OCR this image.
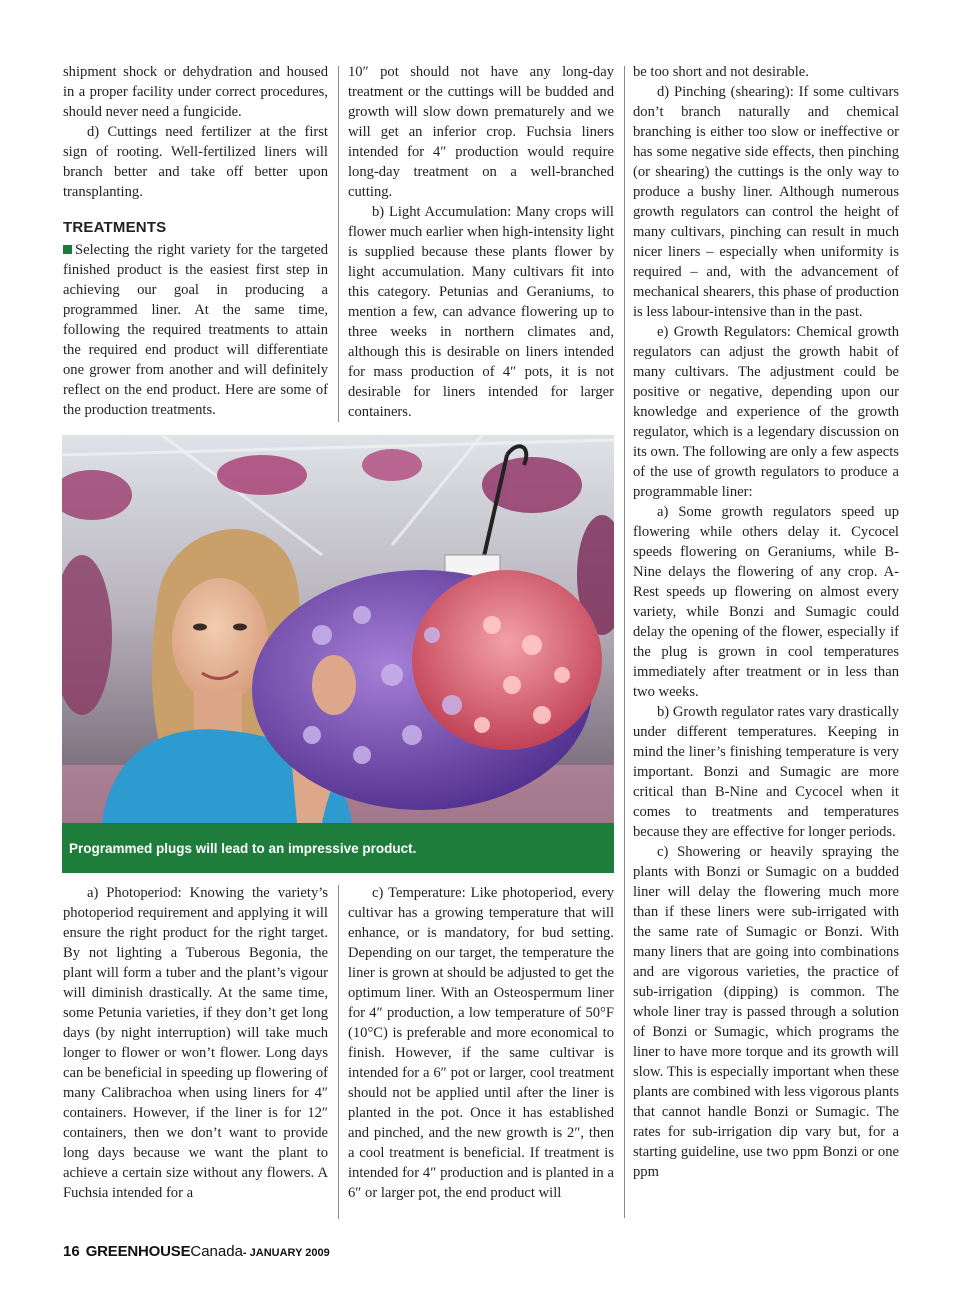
shipment shock or dehydration and housed in a proper facility under correct procedures, should never need a fungicide.

d) Cuttings need fertilizer at the first sign of rooting. Well-fertilized liners will branch better and take off better upon transplanting.

TREATMENTS

Selecting the right variety for the targeted finished product is the easiest first step in achieving our goal in producing a programmed liner. At the same time, following the required treatments to attain the required end product will differentiate one grower from another and will definitely reflect on the end product. Here are some of the production treatments.

10″ pot should not have any long-day treatment or the cuttings will be budded and growth will slow down prematurely and we will get an inferior crop. Fuchsia liners intended for 4″ production would require long-day treatment on a well-branched cutting.

b) Light Accumulation: Many crops will flower much earlier when high-intensity light is supplied because these plants flower by light accumulation. Many cultivars fit into this category. Petunias and Geraniums, to mention a few, can advance flowering up to three weeks in northern climates and, although this is desirable on liners intended for mass production of 4″ pots, it is not desirable for liners intended for larger containers.

be too short and not desirable.

d) Pinching (shearing): If some cultivars don’t branch naturally and chemical branching is either too slow or ineffective or has some negative side effects, then pinching (or shearing) the cuttings is the only way to produce a bushy liner. Although numerous growth regulators can control the height of many cultivars, pinching can result in much nicer liners – especially when uniformity is required – and, with the advancement of mechanical shearers, this phase of production is less labour-intensive than in the past.

e) Growth Regulators: Chemical growth regulators can adjust the growth habit of many cultivars. The adjustment could be positive or negative, depending upon our knowledge and experience of the growth regulator, which is a legendary discussion on its own. The following are only a few aspects of the use of growth regulators to produce a programmable liner:

a) Some growth regulators speed up flowering while others delay it. Cycocel speeds flowering on Geraniums, while B-Nine delays the flowering of any crop. A-Rest speeds up flowering on almost every variety, while Bonzi and Sumagic could delay the opening of the flower, especially if the plug is grown in cool temperatures immediately after treatment or in less than two weeks.

b) Growth regulator rates vary drastically under different temperatures. Keeping in mind the liner’s finishing temperature is very important. Bonzi and Sumagic are more critical than B-Nine and Cycocel when it comes to treatments and temperatures because they are effective for longer periods.

c) Showering or heavily spraying the plants with Bonzi or Sumagic on a budded liner will delay the flowering much more than if these liners were sub-irrigated with the same rate of Sumagic or Bonzi. With many liners that are going into combinations and are vigorous varieties, the practice of sub-irrigation (dipping) is common. The whole liner tray is passed through a solution of Bonzi or Sumagic, which programs the liner to have more torque and its growth will slow. This is especially important when these plants are combined with less vigorous plants that cannot handle Bonzi or Sumagic. The rates for sub-irrigation dip vary but, for a starting guideline, use two ppm Bonzi or one ppm

Programmed plugs will lead to an impressive product.

a) Photoperiod: Knowing the variety’s photoperiod requirement and applying it will ensure the right product for the right target. By not lighting a Tuberous Begonia, the plant will form a tuber and the plant’s vigour will diminish drastically. At the same time, some Petunia varieties, if they don’t get long days (by night interruption) will take much longer to flower or won’t flower. Long days can be beneficial in speeding up flowering of many Calibrachoa when using liners for 4″ containers. However, if the liner is for 12″ containers, then we don’t want to provide long days because we want the plant to achieve a certain size without any flowers. A Fuchsia intended for a

c) Temperature: Like photoperiod, every cultivar has a growing temperature that will enhance, or is mandatory, for bud setting. Depending on our target, the temperature the liner is grown at should be adjusted to get the optimum liner. With an Osteospermum liner for 4″ production, a low temperature of 50°F (10°C) is preferable and more economical to finish. However, if the same cultivar is intended for a 6″ pot or larger, cool treatment should not be applied until after the liner is planted in the pot. Once it has established and pinched, and the new growth is 2″, then a cool treatment is beneficial. If treatment is intended for 4″ production and is planted in a 6″ or larger pot, the end product will

16 GREENHOUSECanada- JANUARY 2009
